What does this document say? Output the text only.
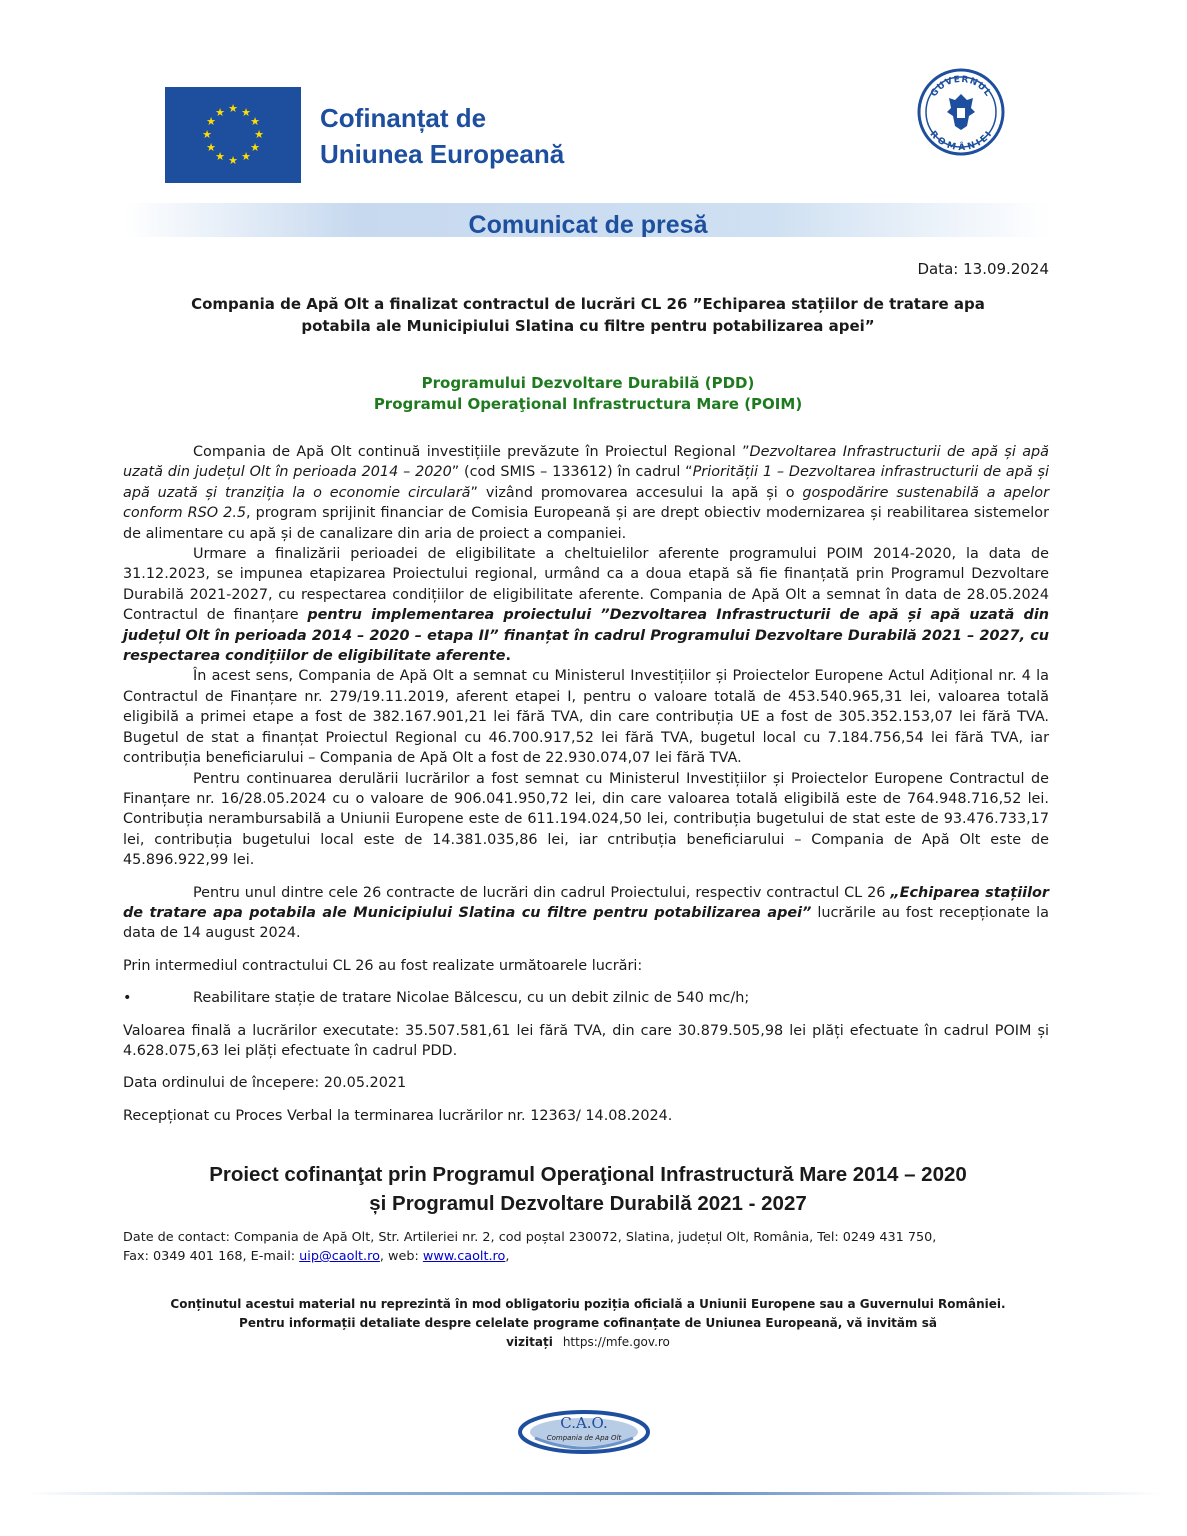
★ ★
★
★
★
★
★
★
★
★
★
★	Cofinanțat de
Uniunea Europeană
GUVERNUL
ROMÂNIEI
Comunicat de presă
Data: 13.09.2024
Compania de Apă Olt a finalizat contractul de lucrări CL 26 ”Echiparea stațiilor de tratare apa
potabila ale Municipiului Slatina cu filtre pentru potabilizarea apei”
Programului Dezvoltare Durabilă (PDD)
Programul Operaţional Infrastructura Mare (POIM)

Compania de Apă Olt continuă investițiile prevăzute în Proiectul Regional ”Dezvoltarea Infrastructurii de apă și apă uzată din județul Olt în perioada 2014 – 2020” (cod SMIS – 133612) în cadrul “Priorității 1 – Dezvoltarea infrastructurii de apă și apă uzată și tranziția la o economie circulară” vizând promovarea accesului la apă și o gospodărire sustenabilă a apelor conform RSO 2.5, program sprijinit financiar de Comisia Europeană și are drept obiectiv modernizarea și reabilitarea sistemelor de alimentare cu apă și de canalizare din aria de proiect a companiei.

Urmare a finalizării perioadei de eligibilitate a cheltuielilor aferente programului POIM 2014-2020, la data de 31.12.2023, se impunea etapizarea Proiectului regional, urmând ca a doua etapă să fie finanțată prin Programul Dezvoltare Durabilă 2021-2027, cu respectarea condițiilor de eligibilitate aferente. Compania de Apă Olt a semnat în data de 28.05.2024 Contractul de finanțare pentru implementarea proiectului ”Dezvoltarea Infrastructurii de apă și apă uzată din județul Olt în perioada 2014 – 2020 – etapa II” finanțat în cadrul Programului Dezvoltare Durabilă 2021 – 2027, cu respectarea condițiilor de eligibilitate aferente.

În acest sens, Compania de Apă Olt a semnat cu Ministerul Investițiilor și Proiectelor Europene Actul Adițional nr. 4 la Contractul de Finanțare nr. 279/19.11.2019, aferent etapei I, pentru o valoare totală de 453.540.965,31 lei, valoarea totală eligibilă a primei etape a fost de 382.167.901,21 lei fără TVA, din care contribuția UE a fost de 305.352.153,07 lei fără TVA. Bugetul de stat a finanțat Proiectul Regional cu 46.700.917,52 lei fără TVA, bugetul local cu 7.184.756,54 lei fără TVA, iar contribuția beneficiarului – Compania de Apă Olt a fost de 22.930.074,07 lei fără TVA.

Pentru continuarea derulării lucrărilor a fost semnat cu Ministerul Investițiilor și Proiectelor Europene Contractul de Finanțare nr. 16/28.05.2024 cu o valoare de 906.041.950,72 lei, din care valoarea totală eligibilă este de 764.948.716,52 lei. Contribuția nerambursabilă a Uniunii Europene este de 611.194.024,50 lei, contribuția bugetului de stat este de 93.476.733,17 lei, contribuția bugetului local este de 14.381.035,86 lei, iar cntribuția beneficiarului – Compania de Apă Olt este de 45.896.922,99 lei.

Pentru unul dintre cele 26 contracte de lucrări din cadrul Proiectului, respectiv contractul CL 26 „Echiparea stațiilor de tratare apa potabila ale Municipiului Slatina cu filtre pentru potabilizarea apei” lucrările au fost recepționate la data de 14 august 2024.

Prin intermediul contractului CL 26 au fost realizate următoarele lucrări:

•	Reabilitare stație de tratare Nicolae Bălcescu, cu un debit zilnic de 540 mc/h;

Valoarea finală a lucrărilor executate: 35.507.581,61 lei fără TVA, din care 30.879.505,98 lei plăți efectuate în cadrul POIM și 4.628.075,63 lei plăți efectuate în cadrul PDD.

Data ordinului de începere: 20.05.2021

Recepționat cu Proces Verbal la terminarea lucrărilor nr. 12363/ 14.08.2024.

Proiect cofinanţat prin Programul Operaţional Infrastructură Mare 2014 – 2020
și Programul Dezvoltare Durabilă 2021 - 2027
Date de contact: Compania de Apă Olt, Str. Artileriei nr. 2, cod poștal 230072, Slatina, județul Olt, România, Tel: 0249 431 750,
Fax: 0349 401 168, E-mail: uip@caolt.ro, web: www.caolt.ro,
Conținutul acestui material nu reprezintă în mod obligatoriu poziția oficială a Uniunii Europene sau a Guvernului României.
Pentru informații detaliate despre celelate programe cofinanțate de Uniunea Europeană, vă invităm să
vizitați https://mfe.gov.ro
C.A.O.
Compania de Apa Olt
